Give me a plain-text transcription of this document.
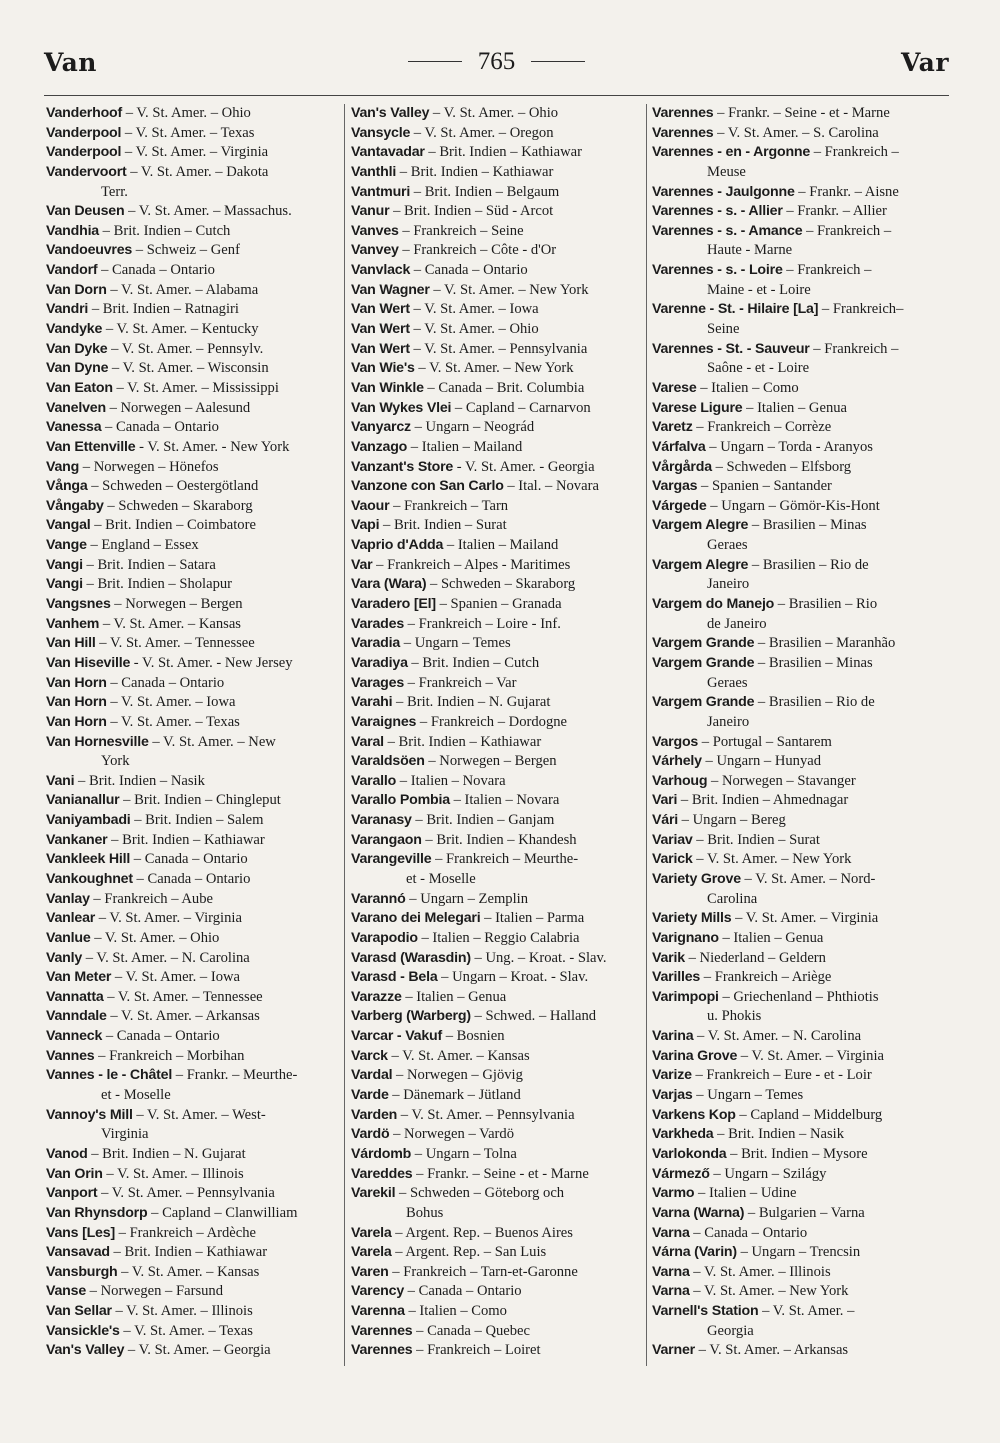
Van	765	Var
Vanderhoof – V. St. Amer. – Ohio
Vanderpool – V. St. Amer. – Texas
Vanderpool – V. St. Amer. – Virginia
Vandervoort – V. St. Amer. – Dakota
Terr.
Van Deusen – V. St. Amer. – Massachus.
Vandhia – Brit. Indien – Cutch
Vandoeuvres – Schweiz – Genf
Vandorf – Canada – Ontario
Van Dorn – V. St. Amer. – Alabama
Vandri – Brit. Indien – Ratnagiri
Vandyke – V. St. Amer. – Kentucky
Van Dyke – V. St. Amer. – Pennsylv.
Van Dyne – V. St. Amer. – Wisconsin
Van Eaton – V. St. Amer. – Mississippi
Vanelven – Norwegen – Aalesund
Vanessa – Canada – Ontario
Van Ettenville - V. St. Amer. - New York
Vang – Norwegen – Hönefos
Vånga – Schweden – Oestergötland
Vångaby – Schweden – Skaraborg
Vangal – Brit. Indien – Coimbatore
Vange – England – Essex
Vangi – Brit. Indien – Satara
Vangi – Brit. Indien – Sholapur
Vangsnes – Norwegen – Bergen
Vanhem – V. St. Amer. – Kansas
Van Hill – V. St. Amer. – Tennessee
Van Hiseville - V. St. Amer. - New Jersey
Van Horn – Canada – Ontario
Van Horn – V. St. Amer. – Iowa
Van Horn – V. St. Amer. – Texas
Van Hornesville – V. St. Amer. – New
York
Vani – Brit. Indien – Nasik
Vanianallur – Brit. Indien – Chingleput
Vaniyambadi – Brit. Indien – Salem
Vankaner – Brit. Indien – Kathiawar
Vankleek Hill – Canada – Ontario
Vankoughnet – Canada – Ontario
Vanlay – Frankreich – Aube
Vanlear – V. St. Amer. – Virginia
Vanlue – V. St. Amer. – Ohio
Vanly – V. St. Amer. – N. Carolina
Van Meter – V. St. Amer. – Iowa
Vannatta – V. St. Amer. – Tennessee
Vanndale – V. St. Amer. – Arkansas
Vanneck – Canada – Ontario
Vannes – Frankreich – Morbihan
Vannes - le - Châtel – Frankr. – Meurthe-
et - Moselle
Vannoy's Mill – V. St. Amer. – West-
Virginia
Vanod – Brit. Indien – N. Gujarat
Van Orin – V. St. Amer. – Illinois
Vanport – V. St. Amer. – Pennsylvania
Van Rhynsdorp – Capland – Clanwilliam
Vans [Les] – Frankreich – Ardèche
Vansavad – Brit. Indien – Kathiawar
Vansburgh – V. St. Amer. – Kansas
Vanse – Norwegen – Farsund
Van Sellar – V. St. Amer. – Illinois
Vansickle's – V. St. Amer. – Texas
Van's Valley – V. St. Amer. – Georgia
Van's Valley – V. St. Amer. – Ohio
Vansycle – V. St. Amer. – Oregon
Vantavadar – Brit. Indien – Kathiawar
Vanthli – Brit. Indien – Kathiawar
Vantmuri – Brit. Indien – Belgaum
Vanur – Brit. Indien – Süd - Arcot
Vanves – Frankreich – Seine
Vanvey – Frankreich – Côte - d'Or
Vanvlack – Canada – Ontario
Van Wagner – V. St. Amer. – New York
Van Wert – V. St. Amer. – Iowa
Van Wert – V. St. Amer. – Ohio
Van Wert – V. St. Amer. – Pennsylvania
Van Wie's – V. St. Amer. – New York
Van Winkle – Canada – Brit. Columbia
Van Wykes Vlei – Capland – Carnarvon
Vanyarcz – Ungarn – Neográd
Vanzago – Italien – Mailand
Vanzant's Store - V. St. Amer. - Georgia
Vanzone con San Carlo – Ital. – Novara
Vaour – Frankreich – Tarn
Vapi – Brit. Indien – Surat
Vaprio d'Adda – Italien – Mailand
Var – Frankreich – Alpes - Maritimes
Vara (Wara) – Schweden – Skaraborg
Varadero [El] – Spanien – Granada
Varades – Frankreich – Loire - Inf.
Varadia – Ungarn – Temes
Varadiya – Brit. Indien – Cutch
Varages – Frankreich – Var
Varahi – Brit. Indien – N. Gujarat
Varaignes – Frankreich – Dordogne
Varal – Brit. Indien – Kathiawar
Varaldsöen – Norwegen – Bergen
Varallo – Italien – Novara
Varallo Pombia – Italien – Novara
Varanasy – Brit. Indien – Ganjam
Varangaon – Brit. Indien – Khandesh
Varangeville – Frankreich – Meurthe-
et - Moselle
Varannó – Ungarn – Zemplin
Varano dei Melegari – Italien – Parma
Varapodio – Italien – Reggio Calabria
Varasd (Warasdin) – Ung. – Kroat. - Slav.
Varasd - Bela – Ungarn – Kroat. - Slav.
Varazze – Italien – Genua
Varberg (Warberg) – Schwed. – Halland
Varcar - Vakuf – Bosnien
Varck – V. St. Amer. – Kansas
Vardal – Norwegen – Gjövig
Varde – Dänemark – Jütland
Varden – V. St. Amer. – Pennsylvania
Vardö – Norwegen – Vardö
Várdomb – Ungarn – Tolna
Vareddes – Frankr. – Seine - et - Marne
Varekil – Schweden – Göteborg och
Bohus
Varela – Argent. Rep. – Buenos Aires
Varela – Argent. Rep. – San Luis
Varen – Frankreich – Tarn-et-Garonne
Varency – Canada – Ontario
Varenna – Italien – Como
Varennes – Canada – Quebec
Varennes – Frankreich – Loiret
Varennes – Frankr. – Seine - et - Marne
Varennes – V. St. Amer. – S. Carolina
Varennes - en - Argonne – Frankreich –
Meuse
Varennes - Jaulgonne – Frankr. – Aisne
Varennes - s. - Allier – Frankr. – Allier
Varennes - s. - Amance – Frankreich –
Haute - Marne
Varennes - s. - Loire – Frankreich –
Maine - et - Loire
Varenne - St. - Hilaire [La] – Frankreich–
Seine
Varennes - St. - Sauveur – Frankreich –
Saône - et - Loire
Varese – Italien – Como
Varese Ligure – Italien – Genua
Varetz – Frankreich – Corrèze
Várfalva – Ungarn – Torda - Aranyos
Vårgårda – Schweden – Elfsborg
Vargas – Spanien – Santander
Várgede – Ungarn – Gömör-Kis-Hont
Vargem Alegre – Brasilien – Minas
Geraes
Vargem Alegre – Brasilien – Rio de
Janeiro
Vargem do Manejo – Brasilien – Rio
de Janeiro
Vargem Grande – Brasilien – Maranhão
Vargem Grande – Brasilien – Minas
Geraes
Vargem Grande – Brasilien – Rio de
Janeiro
Vargos – Portugal – Santarem
Várhely – Ungarn – Hunyad
Varhoug – Norwegen – Stavanger
Vari – Brit. Indien – Ahmednagar
Vári – Ungarn – Bereg
Variav – Brit. Indien – Surat
Varick – V. St. Amer. – New York
Variety Grove – V. St. Amer. – Nord-
Carolina
Variety Mills – V. St. Amer. – Virginia
Varignano – Italien – Genua
Varik – Niederland – Geldern
Varilles – Frankreich – Ariège
Varimpopi – Griechenland – Phthiotis
u. Phokis
Varina – V. St. Amer. – N. Carolina
Varina Grove – V. St. Amer. – Virginia
Varize – Frankreich – Eure - et - Loir
Varjas – Ungarn – Temes
Varkens Kop – Capland – Middelburg
Varkheda – Brit. Indien – Nasik
Varlokonda – Brit. Indien – Mysore
Vármező – Ungarn – Szilágy
Varmo – Italien – Udine
Varna (Warna) – Bulgarien – Varna
Varna – Canada – Ontario
Várna (Varin) – Ungarn – Trencsin
Varna – V. St. Amer. – Illinois
Varna – V. St. Amer. – New York
Varnell's Station – V. St. Amer. –
Georgia
Varner – V. St. Amer. – Arkansas
